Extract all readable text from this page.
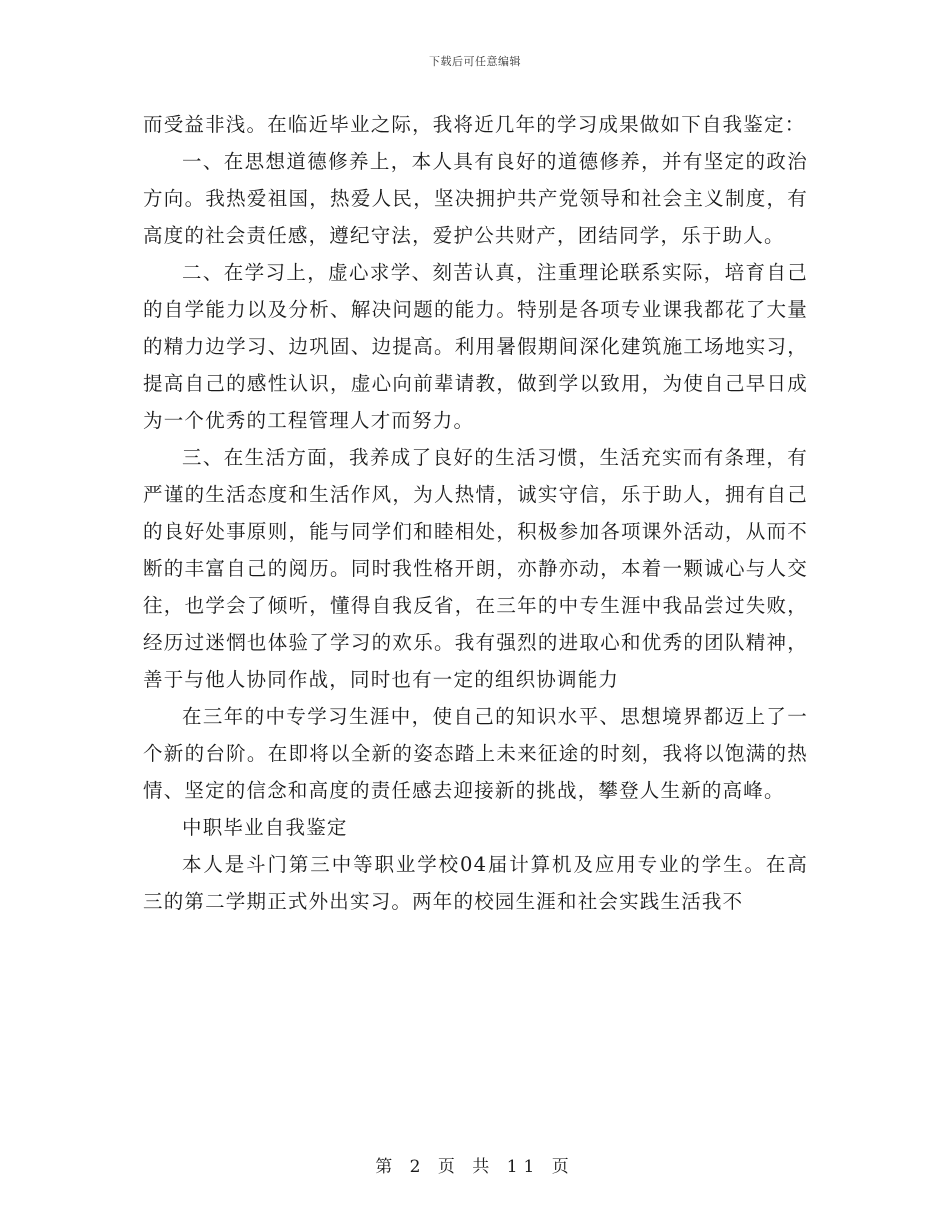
下载后可任意编辑

而受益非浅。在临近毕业之际，我将近几年的学习成果做如下自我鉴定：

一、在思想道德修养上，本人具有良好的道德修养，并有坚定的政治方向。我热爱祖国，热爱人民，坚决拥护共产党领导和社会主义制度，有高度的社会责任感，遵纪守法，爱护公共财产，团结同学，乐于助人。

二、在学习上，虚心求学、刻苦认真，注重理论联系实际，培育自己的自学能力以及分析、解决问题的能力。特别是各项专业课我都花了大量的精力边学习、边巩固、边提高。利用暑假期间深化建筑施工场地实习，提高自己的感性认识，虚心向前辈请教，做到学以致用，为使自己早日成为一个优秀的工程管理人才而努力。

三、在生活方面，我养成了良好的生活习惯，生活充实而有条理，有严谨的生活态度和生活作风，为人热情，诚实守信，乐于助人，拥有自己的良好处事原则，能与同学们和睦相处，积极参加各项课外活动，从而不断的丰富自己的阅历。同时我性格开朗，亦静亦动，本着一颗诚心与人交往，也学会了倾听，懂得自我反省，在三年的中专生涯中我品尝过失败，经历过迷惘也体验了学习的欢乐。我有强烈的进取心和优秀的团队精神，善于与他人协同作战，同时也有一定的组织协调能力

在三年的中专学习生涯中，使自己的知识水平、思想境界都迈上了一个新的台阶。在即将以全新的姿态踏上未来征途的时刻，我将以饱满的热情、坚定的信念和高度的责任感去迎接新的挑战，攀登人生新的高峰。

中职毕业自我鉴定

本人是斗门第三中等职业学校04届计算机及应用专业的学生。在高三的第二学期正式外出实习。两年的校园生涯和社会实践生活我不

第 2 页 共 11 页
